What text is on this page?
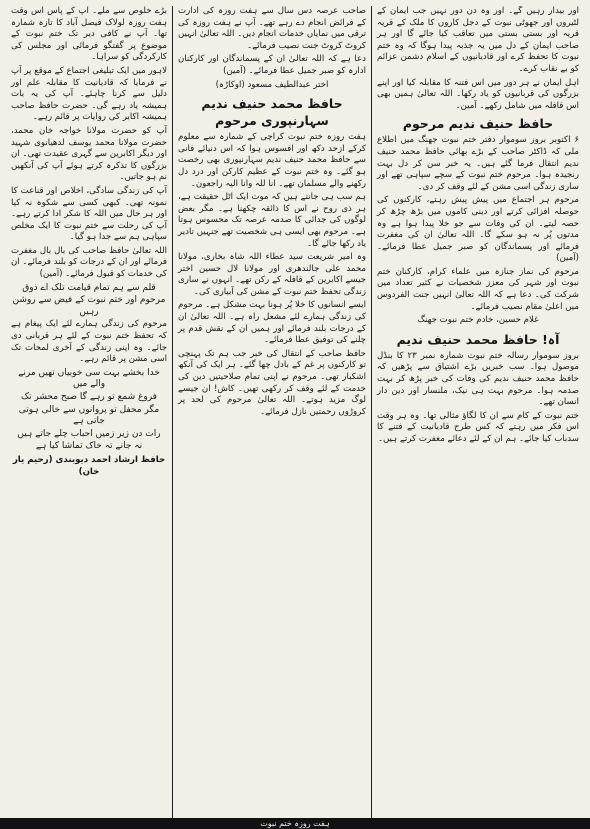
اور بیدار رہیں گے۔ اور وہ دن دور نہیں جب ایمان کے لٹیروں اور جھوٹی نبوت کے دجل کاروں کا ملک کے قریہ قریہ اور بستی بستی میں تعاقب کیا جائے گا اور ہر صاحب ایمان کے دل میں یہ جذبہ پیدا ہوگا کہ وہ ختم نبوت کا تحفظ کرے اور قادیانیوں کے اسلام دشمن عزائم کو بے نقاب کرے۔

اہل ایمان نے ہر دور میں اس فتنہ کا مقابلہ کیا اور اپنے بزرگوں کی قربانیوں کو یاد رکھا۔ اللہ تعالیٰ ہمیں بھی اس قافلہ میں شامل رکھے۔ آمین۔

حافظ حنیف ندیم مرحوم

۶ اکتوبر بروز سوموار دفتر ختم نبوت جھنگ میں اطلاع ملی کہ ڈاکٹر صاحب کے بڑے بھائی حافظ محمد حنیف ندیم انتقال فرما گئے ہیں۔ یہ خبر سن کر دل بہت رنجیدہ ہوا۔ مرحوم ختم نبوت کے سچے سپاہی تھے اور ساری زندگی اسی مشن کے لئے وقف کر دی۔

مرحوم ہر اجتماع میں پیش پیش رہتے، کارکنوں کی حوصلہ افزائی کرتے اور دینی کاموں میں بڑھ چڑھ کر حصہ لیتے۔ ان کی وفات سے جو خلا پیدا ہوا ہے وہ مدتوں پُر نہ ہو سکے گا۔ اللہ تعالیٰ ان کی مغفرت فرمائے اور پسماندگان کو صبر جمیل عطا فرمائے۔ (آمین)

مرحوم کی نماز جنازہ میں علماء کرام، کارکنان ختم نبوت اور شہر کی معزز شخصیات نے کثیر تعداد میں شرکت کی۔ دعا ہے کہ اللہ تعالیٰ انہیں جنت الفردوس میں اعلیٰ مقام نصیب فرمائے۔

غلام حسین، خادم ختم نبوت جھنگ
آہ! حافظ محمد حنیف ندیم

بروز سوموار رسالہ ختم نبوت شمارہ نمبر ۲۳ کا بنڈل موصول ہوا۔ سب خبریں بڑے اشتیاق سے پڑھیں کہ حافظ محمد حنیف ندیم کی وفات کی خبر پڑھ کر بہت صدمہ ہوا۔ مرحوم بہت ہی نیک، ملنسار اور دین دار انسان تھے۔

ختم نبوت کے کام سے ان کا لگاؤ مثالی تھا۔ وہ ہر وقت اس فکر میں رہتے کہ کس طرح قادیانیت کے فتنے کا سدباب کیا جائے۔ ہم ان کے لئے دعائے مغفرت کرتے ہیں۔

صاحب عرصہ دس سال سے ہفت روزہ کی ادارت کے فرائض انجام دے رہے تھے۔ آپ نے ہفت روزہ کی ترقی میں نمایاں خدمات انجام دیں۔ اللہ تعالیٰ انہیں کروٹ کروٹ جنت نصیب فرمائے۔

دعا ہے کہ اللہ تعالیٰ ان کے پسماندگان اور کارکنان ادارہ کو صبر جمیل عطا فرمائے۔ (آمین)

اختر عبدالطیف مسعود (اوکاڑہ)
حافظ محمد حنیف ندیم سہارنپوری مرحوم

ہفت روزہ ختم نبوت کراچی کے شمارہ سے معلوم کرکے ازحد دکھ اور افسوس ہوا کہ اس دنیائے فانی سے حافظ محمد حنیف ندیم سہارنپوری بھی رخصت ہو گئے۔ وہ ختم نبوت کے عظیم کارکن اور درد دل رکھنے والے مسلمان تھے۔ انا للہ وانا الیہ راجعون۔

ہم سب ہی جانتے ہیں کہ موت ایک اٹل حقیقت ہے، ہر ذی روح نے اس کا ذائقہ چکھنا ہے۔ مگر بعض لوگوں کی جدائی کا صدمہ عرصہ تک محسوس ہوتا ہے۔ مرحوم بھی ایسی ہی شخصیت تھے جنہیں تادیر یاد رکھا جائے گا۔

وہ امیر شریعت سید عطاء اللہ شاہ بخاری، مولانا محمد علی جالندھری اور مولانا لال حسین اختر جیسے اکابرین کے قافلہ کے رکن تھے۔ انہوں نے ساری زندگی تحفظ ختم نبوت کے مشن کی آبیاری کی۔

ایسے انسانوں کا خلا پُر ہونا بہت مشکل ہے۔ مرحوم کی زندگی ہمارے لئے مشعل راہ ہے۔ اللہ تعالیٰ ان کے درجات بلند فرمائے اور ہمیں ان کے نقش قدم پر چلنے کی توفیق عطا فرمائے۔

حافظ صاحب کے انتقال کی خبر جب ہم تک پہنچی تو کارکنوں پر غم کے بادل چھا گئے۔ ہر ایک کی آنکھ اشکبار تھی۔ مرحوم نے اپنی تمام صلاحیتیں دین کی خدمت کے لئے وقف کر رکھی تھیں۔ کاش! ان جیسے لوگ مزید ہوتے۔ اللہ تعالیٰ مرحوم کی لحد پر کروڑوں رحمتیں نازل فرمائے۔

بڑے خلوص سے ملے۔ آپ کے پاس اس وقت ہفت روزہ لولاک فیصل آباد کا تازہ شمارہ تھا۔ آپ نے کافی دیر تک ختم نبوت کے موضوع پر گفتگو فرمائی اور مجلس کی کارکردگی کو سراہا۔

لاہور میں ایک تبلیغی اجتماع کے موقع پر آپ نے فرمایا کہ قادیانیت کا مقابلہ علم اور دلیل سے کرنا چاہئے۔ آپ کی یہ بات ہمیشہ یاد رہے گی۔ حضرت حافظ صاحب ہمیشہ اکابر کی روایات پر قائم رہے۔

آپ کو حضرت مولانا خواجہ خان محمد، حضرت مولانا محمد یوسف لدھیانوی شہید اور دیگر اکابرین سے گہری عقیدت تھی۔ ان بزرگوں کا تذکرہ کرتے ہوئے آپ کی آنکھیں نم ہو جاتیں۔

آپ کی زندگی سادگی، اخلاص اور قناعت کا نمونہ تھی۔ کبھی کسی سے شکوہ نہ کیا اور ہر حال میں اللہ کا شکر ادا کرتے رہے۔ آپ کی رحلت سے ختم نبوت کا ایک مخلص سپاہی ہم سے جدا ہو گیا۔

اللہ تعالیٰ حافظ صاحب کی بال بال مغفرت فرمائے اور ان کے درجات کو بلند فرمائے۔ ان کی خدمات کو قبول فرمائے۔ (آمین)

قلم سے ہم تمام قیامت تلک اے ذوق
مرحوم اور ختم نبوت کے فیض سے روشن رہیں

مرحوم کی زندگی ہمارے لئے ایک پیغام ہے کہ تحفظ ختم نبوت کے لئے ہر قربانی دی جائے۔ وہ اپنی زندگی کے آخری لمحات تک اسی مشن پر قائم رہے۔

خدا بخشے بہت سی خوبیاں تھیں مرنے والے میں
فروغ شمع تو رہے گا صبح محشر تک
مگر محفل تو پروانوں سے خالی ہوتی جاتی ہے
رات دن زیر زمیں احباب چلے جاتے ہیں
نہ جانے تہ خاک تماشا کیا ہے
حافظ ارشاد احمد دیوبندی (رحیم یار خان)
ہفت روزہ ختم نبوت
